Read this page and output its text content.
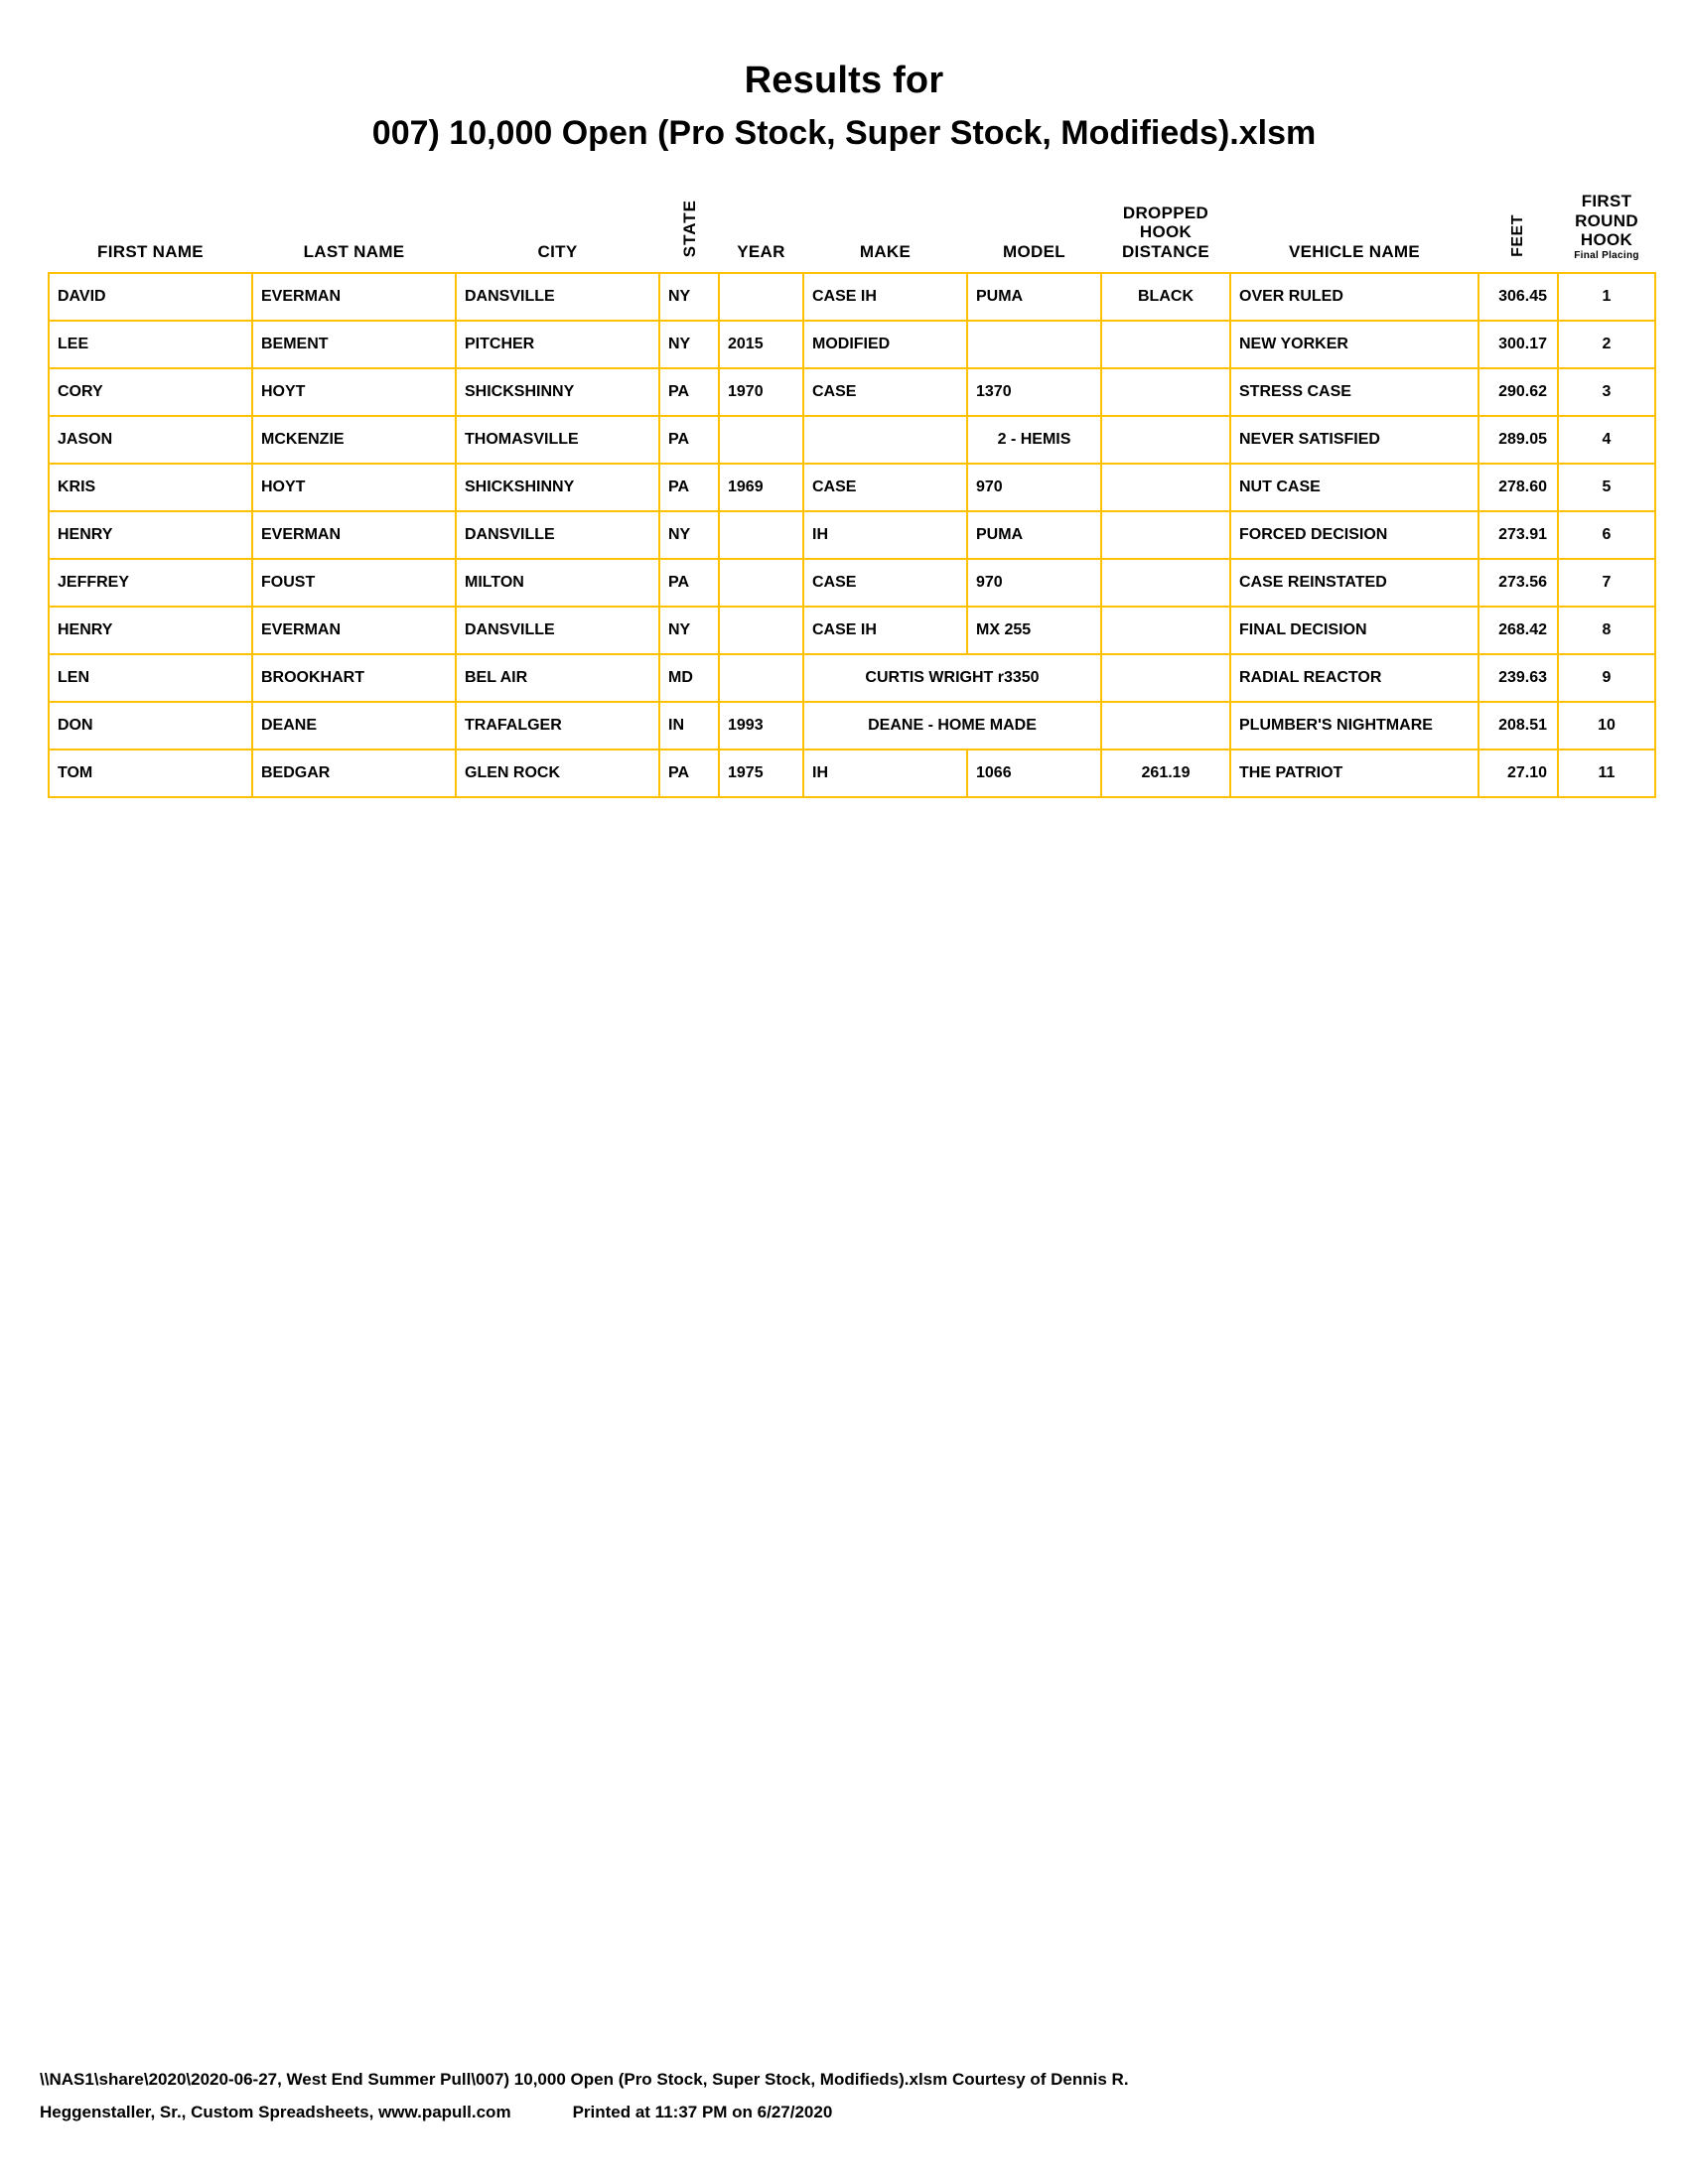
Results for
007) 10,000 Open (Pro Stock, Super Stock, Modifieds).xlsm
FIRST NAME	LAST NAME	CITY	STATE	YEAR	MAKE	MODEL	
DROPPED
HOOK
DISTANCE	VEHICLE NAME	FEET	
FIRST ROUND
HOOK
Final Placing

DAVID	EVERMAN	DANSVILLE	NY		CASE IH	PUMA	BLACK	OVER RULED	306.45	1
LEE	BEMENT	PITCHER	NY	2015	MODIFIED			NEW YORKER	300.17	2
CORY	HOYT	SHICKSHINNY	PA	1970	CASE	1370		STRESS CASE	290.62	3
JASON	MCKENZIE	THOMASVILLE	PA			2 - HEMIS		NEVER SATISFIED	289.05	4
KRIS	HOYT	SHICKSHINNY	PA	1969	CASE	970		NUT CASE	278.60	5
HENRY	EVERMAN	DANSVILLE	NY		IH	PUMA		FORCED DECISION	273.91	6
JEFFREY	FOUST	MILTON	PA		CASE	970		CASE REINSTATED	273.56	7
HENRY	EVERMAN	DANSVILLE	NY		CASE IH	MX 255		FINAL DECISION	268.42	8
LEN	BROOKHART	BEL AIR	MD		CURTIS WRIGHT r3350			RADIAL REACTOR	239.63	9
DON	DEANE	TRAFALGER	IN	1993	DEANE - HOME MADE			PLUMBER'S NIGHTMARE	208.51	10
TOM	BEDGAR	GLEN ROCK	PA	1975	IH	1066	261.19	THE PATRIOT	27.10	11
\\NAS1\share\2020\2020-06-27, West End Summer Pull\007) 10,000 Open (Pro Stock, Super Stock, Modifieds).xlsm Courtesy of Dennis R.
Heggenstaller, Sr., Custom Spreadsheets, www.papull.com	Printed at 11:37 PM on 6/27/2020
